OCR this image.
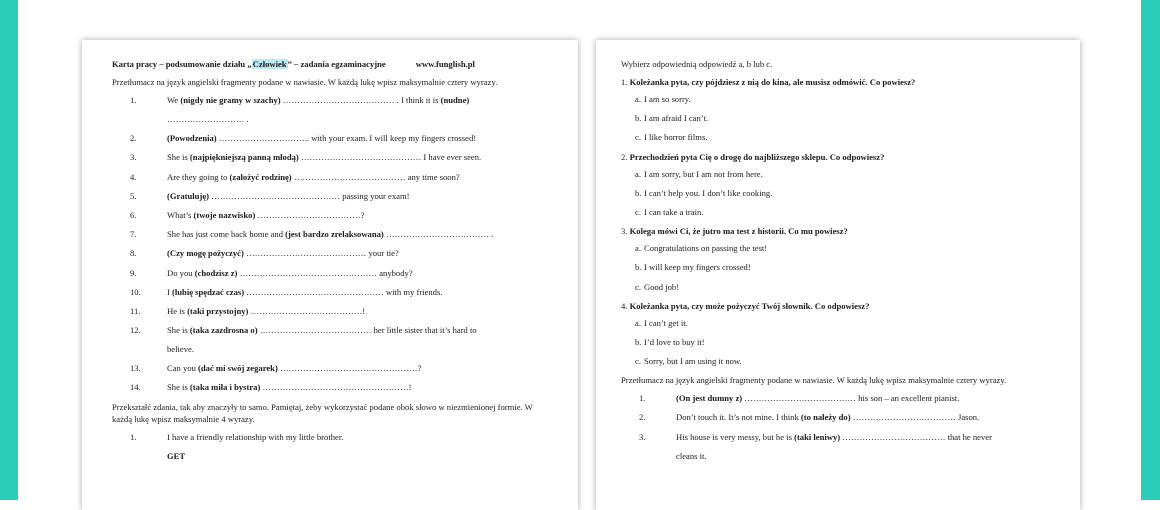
Karta pracy – podsumowanie działu „Człowiek” – zadania egzaminacyjne	www.funglish.pl

Przetłumacz na język angielski fragmenty podane w nawiasie. W każdą lukę wpisz maksymalnie cztery wyrazy.

1.	We (nigdy nie gramy w szachy) ………………………………… . I think it is (nudne)
……………………… .
2.	(Powodzenia) ………………………….. with your exam. I will keep my fingers crossed!
3.	She is (najpiękniejszą panną młodą) …………………………………… I have ever seen.
4.	Are they going to (założyć rodzinę) ………………………………… any time soon?
5.	(Gratuluję) ……………………………………… passing your exam!
6.	What’s (twoje nazwisko) ………………………………?
7.	She has just come back home and (jest bardzo zrelaksowana) ……………………………… .
8.	(Czy mogę pożyczyć) …………………………………… your tie?
9.	Do you (chodzisz z) ………………………………………… anybody?
10.	I (lubię spędzać czas) ………………………………………… with my friends.
11.	He is (taki przystojny) …………………………………!
12.	She is (taka zazdrosna o) ………………………………… her little sister that it’s hard to
believe.
13.	Can you (dać mi swój zegarek) …………………………………………?
14.	She is (taka miła i bystra) ……………………………………………!

Przekształć zdania, tak aby znaczyły to samo. Pamiętaj, żeby wykorzystać podane obok słowo w niezmienionej formie. W każdą lukę wpisz maksymalnie 4 wyrazy.

1.	I have a friendly relationship with my little brother.
GET

Wybierz odpowiednią odpowiedź a, b lub c.

1. Koleżanka pyta, czy pójdziesz z nią do kina, ale musisz odmówić. Co powiesz?

a. I am so sorry.
b. I am afraid I can’t.
c. I like horror films.

2. Przechodzień pyta Cię o drogę do najbliższego sklepu. Co odpowiesz?

a. I am sorry, but I am not from here.
b. I can’t help you. I don’t like cooking.
c. I can take a train.

3. Kolega mówi Ci, że jutro ma test z historii. Co mu powiesz?

a. Congratulations on passing the test!
b. I will keep my fingers crossed!
c. Good job!

4. Koleżanka pyta, czy może pożyczyć Twój słownik. Co odpowiesz?

a. I can’t get it.
b. I’d love to buy it!
c. Sorry, but I am using it now.

Przetłumacz na język angielski fragmenty podane w nawiasie. W każdą lukę wpisz maksymalnie cztery wyrazy.

1.	(On jest dumny z) ………………………………… his son – an excellent pianist.
2.	Don’t touch it. It’s not mine. I think (to należy do) ……………………………… Jason.
3.	His house is very messy, but he is (taki leniwy) ……………………………… that he never
cleans it.
